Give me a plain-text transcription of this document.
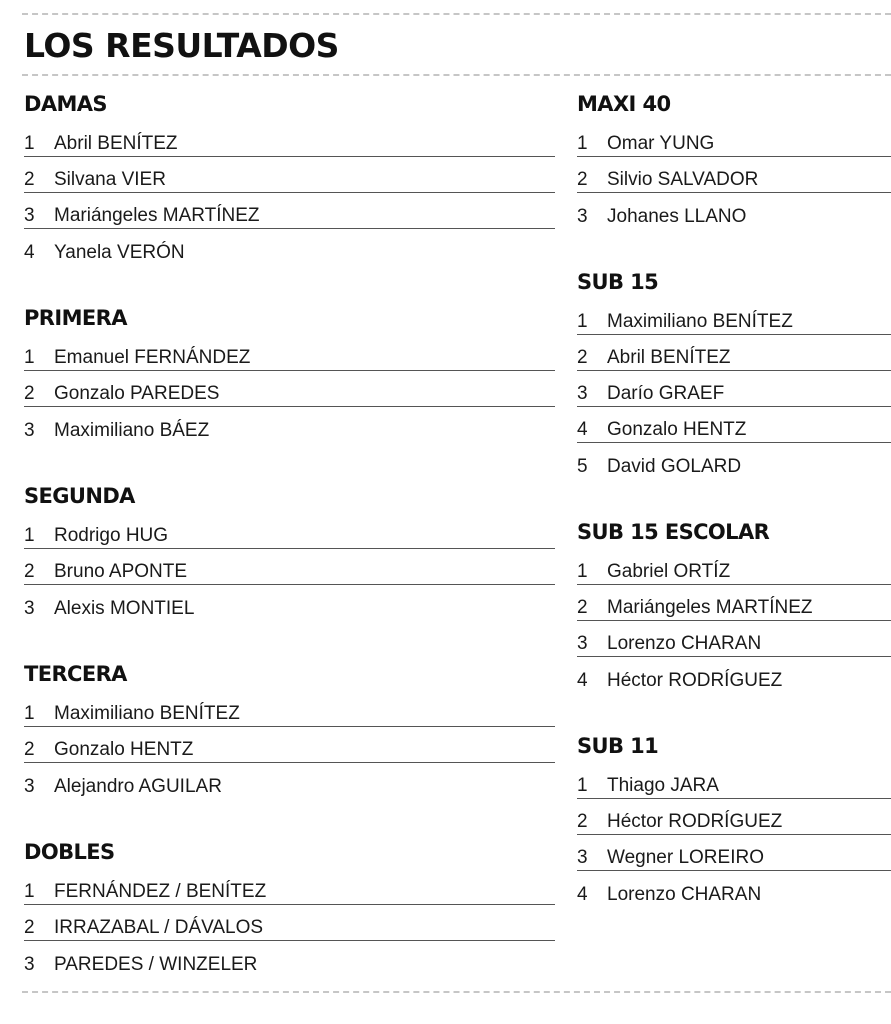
LOS RESULTADOS
DAMAS
1	Abril BENÍTEZ
2	Silvana VIER
3	Mariángeles MARTÍNEZ
4	Yanela VERÓN
PRIMERA
1	Emanuel FERNÁNDEZ
2	Gonzalo PAREDES
3	Maximiliano BÁEZ
SEGUNDA
1	Rodrigo HUG
2	Bruno APONTE
3	Alexis MONTIEL
TERCERA
1	Maximiliano BENÍTEZ
2	Gonzalo HENTZ
3	Alejandro AGUILAR
DOBLES
1	FERNÁNDEZ / BENÍTEZ
2	IRRAZABAL / DÁVALOS
3	PAREDES / WINZELER
MAXI 40
1	Omar YUNG
2	Silvio SALVADOR
3	Johanes LLANO
SUB 15
1	Maximiliano BENÍTEZ
2	Abril BENÍTEZ
3	Darío GRAEF
4	Gonzalo HENTZ
5	David GOLARD
SUB 15 ESCOLAR
1	Gabriel ORTÍZ
2	Mariángeles MARTÍNEZ
3	Lorenzo CHARAN
4	Héctor RODRÍGUEZ
SUB 11
1	Thiago JARA
2	Héctor RODRÍGUEZ
3	Wegner LOREIRO
4	Lorenzo CHARAN
